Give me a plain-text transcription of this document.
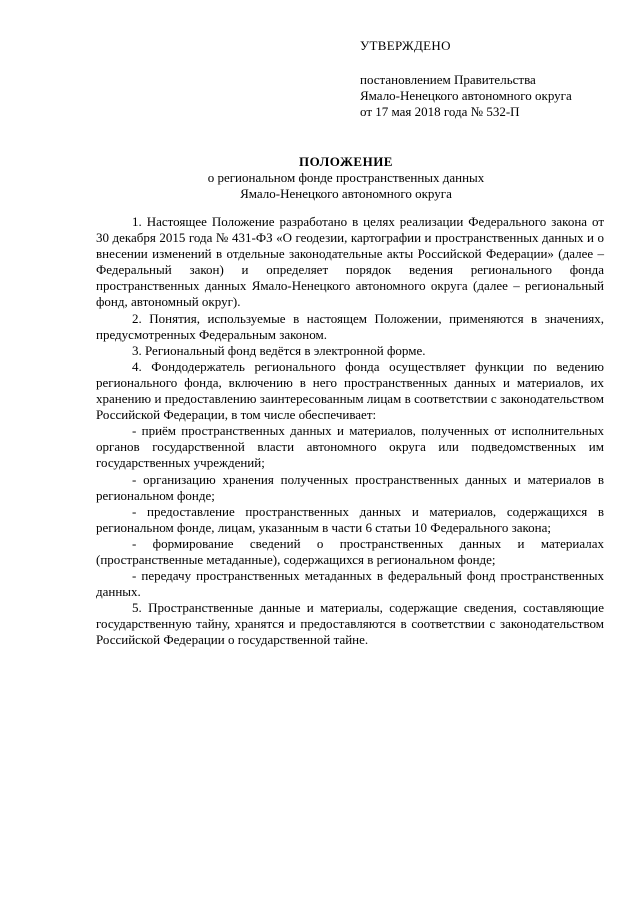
УТВЕРЖДЕНО
постановлением Правительства
Ямало-Ненецкого автономного округа
от 17 мая 2018 года № 532-П
ПОЛОЖЕНИЕ
о региональном фонде пространственных данных
Ямало-Ненецкого автономного округа

1. Настоящее Положение разработано в целях реализации Федерального закона от 30 декабря 2015 года № 431-ФЗ «О геодезии, картографии и пространственных данных и о внесении изменений в отдельные законодательные акты Российской Федерации» (далее – Федеральный закон) и определяет порядок ведения регионального фонда пространственных данных Ямало-Ненецкого автономного округа (далее – региональный фонд, автономный округ).

2. Понятия, используемые в настоящем Положении, применяются в значениях, предусмотренных Федеральным законом.

3. Региональный фонд ведётся в электронной форме.

4. Фондодержатель регионального фонда осуществляет функции по ведению регионального фонда, включению в него пространственных данных и материалов, их хранению и предоставлению заинтересованным лицам в соответствии с законодательством Российской Федерации, в том числе обеспечивает:

- приём пространственных данных и материалов, полученных от исполнительных органов государственной власти автономного округа или подведомственных им государственных учреждений;

- организацию хранения полученных пространственных данных и материалов в региональном фонде;

- предоставление пространственных данных и материалов, содержащихся в региональном фонде, лицам, указанным в части 6 статьи 10 Федерального закона;

- формирование сведений о пространственных данных и материалах (пространственные метаданные), содержащихся в региональном фонде;

- передачу пространственных метаданных в федеральный фонд пространственных данных.

5. Пространственные данные и материалы, содержащие сведения, составляющие государственную тайну, хранятся и предоставляются в соответствии с законодательством Российской Федерации о государственной тайне.
